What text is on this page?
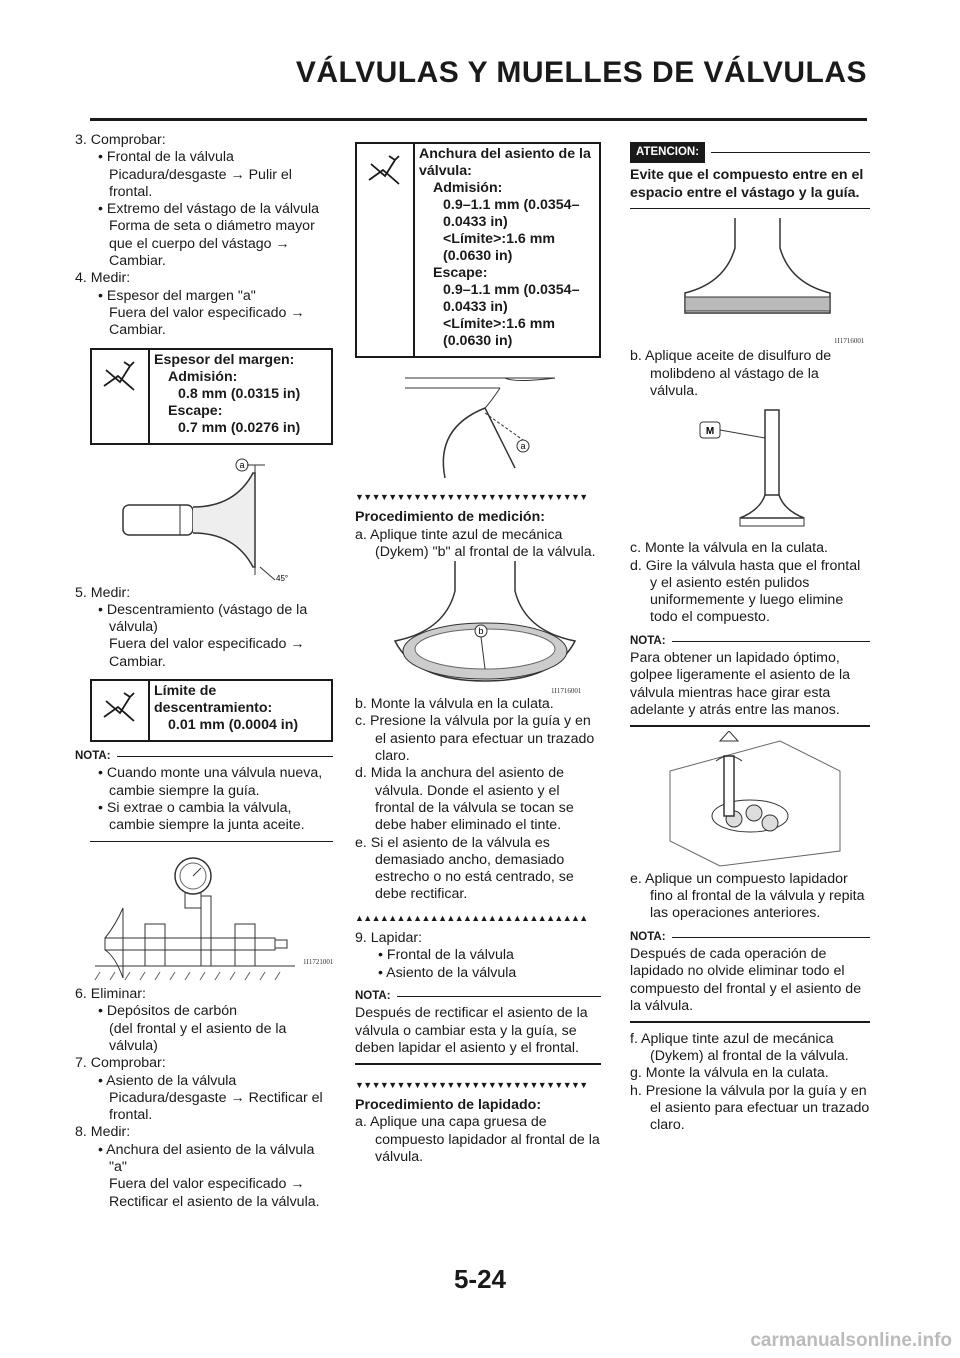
VÁLVULAS Y MUELLES DE VÁLVULAS

3. Comprobar:

• Frontal de la válvula

Picadura/desgaste → Pulir el frontal.

• Extremo del vástago de la válvula

Forma de seta o diámetro mayor que el cuerpo del vástago → Cambiar.

4. Medir:

• Espesor del margen "a"

Fuera del valor especificado → Cambiar.

Espesor del margen:
Admisión:
0.8 mm (0.0315 in)
Escape:
0.7 mm (0.0276 in)
a
45°

5. Medir:

• Descentramiento (vástago de la válvula)

Fuera del valor especificado → Cambiar.

Límite de descentramiento:
0.01 mm (0.0004 in)
NOTA:

• Cuando monte una válvula nueva, cambie siempre la guía.

• Si extrae o cambia la válvula, cambie siempre la junta aceite.

1I1721001

6. Eliminar:

• Depósitos de carbón

(del frontal y el asiento de la válvula)

7. Comprobar:

• Asiento de la válvula

Picadura/desgaste → Rectificar el frontal.

8. Medir:

• Anchura del asiento de la válvula "a"

Fuera del valor especificado → Rectificar el asiento de la válvula.

Anchura del asiento de la válvula:
Admisión:
0.9–1.1 mm (0.0354–0.0433 in)
<Límite>:1.6 mm (0.0630 in)
Escape:
0.9–1.1 mm (0.0354–0.0433 in)
<Límite>:1.6 mm (0.0630 in)
a
▼▼▼▼▼▼▼▼▼▼▼▼▼▼▼▼▼▼▼▼▼▼▼▼▼▼▼▼

Procedimiento de medición:

a. Aplique tinte azul de mecánica (Dykem) "b" al frontal de la válvula.

b
1I1716001

b. Monte la válvula en la culata.

c. Presione la válvula por la guía y en el asiento para efectuar un trazado claro.

d. Mida la anchura del asiento de válvula. Donde el asiento y el frontal de la válvula se tocan se debe haber eliminado el tinte.

e. Si el asiento de la válvula es demasiado ancho, demasiado estrecho o no está centrado, se debe rectificar.

▲▲▲▲▲▲▲▲▲▲▲▲▲▲▲▲▲▲▲▲▲▲▲▲▲▲▲▲

9. Lapidar:

• Frontal de la válvula

• Asiento de la válvula

NOTA:

Después de rectificar el asiento de la válvula o cambiar esta y la guía, se deben lapidar el asiento y el frontal.

▼▼▼▼▼▼▼▼▼▼▼▼▼▼▼▼▼▼▼▼▼▼▼▼▼▼▼▼

Procedimiento de lapidado:

a. Aplique una capa gruesa de compuesto lapidador al frontal de la válvula.

ATENCION:

Evite que el compuesto entre en el espacio entre el vástago y la guía.

1I1716001

b. Aplique aceite de disulfuro de molibdeno al vástago de la válvula.

M

c. Monte la válvula en la culata.

d. Gire la válvula hasta que el frontal y el asiento estén pulidos uniformemente y luego elimine todo el compuesto.

NOTA:

Para obtener un lapidado óptimo, golpee ligeramente el asiento de la válvula mientras hace girar esta adelante y atrás entre las manos.

e. Aplique un compuesto lapidador fino al frontal de la válvula y repita las operaciones anteriores.

NOTA:

Después de cada operación de lapidado no olvide eliminar todo el compuesto del frontal y el asiento de la válvula.

f. Aplique tinte azul de mecánica (Dykem) al frontal de la válvula.

g. Monte la válvula en la culata.

h. Presione la válvula por la guía y en el asiento para efectuar un trazado claro.

5-24
carmanualsonline.info
